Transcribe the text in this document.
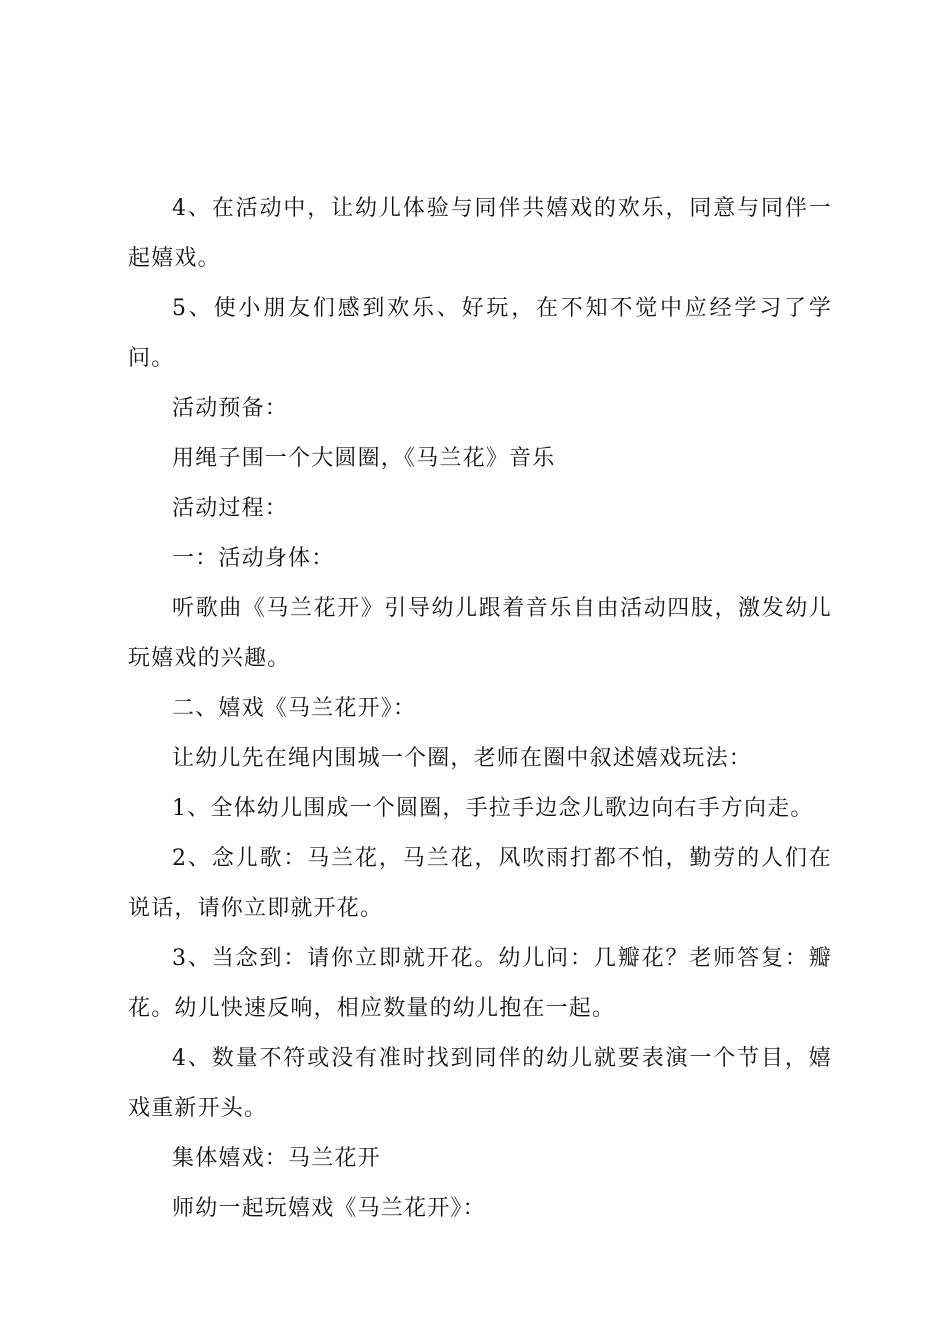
4、在活动中，让幼儿体验与同伴共嬉戏的欢乐，同意与同伴一起嬉戏。

5、使小朋友们感到欢乐、好玩，在不知不觉中应经学习了学问。

活动预备：

用绳子围一个大圆圈，《马兰花》音乐

活动过程：

一：活动身体：

听歌曲《马兰花开》引导幼儿跟着音乐自由活动四肢，激发幼儿玩嬉戏的兴趣。

二、嬉戏《马兰花开》：

让幼儿先在绳内围城一个圈，老师在圈中叙述嬉戏玩法：

1、全体幼儿围成一个圆圈，手拉手边念儿歌边向右手方向走。

2、念儿歌：马兰花，马兰花，风吹雨打都不怕，勤劳的人们在说话，请你立即就开花。

3、当念到：请你立即就开花。幼儿问：几瓣花？老师答复：瓣花。幼儿快速反响，相应数量的幼儿抱在一起。

4、数量不符或没有准时找到同伴的幼儿就要表演一个节目，嬉戏重新开头。

集体嬉戏：马兰花开

师幼一起玩嬉戏《马兰花开》：
